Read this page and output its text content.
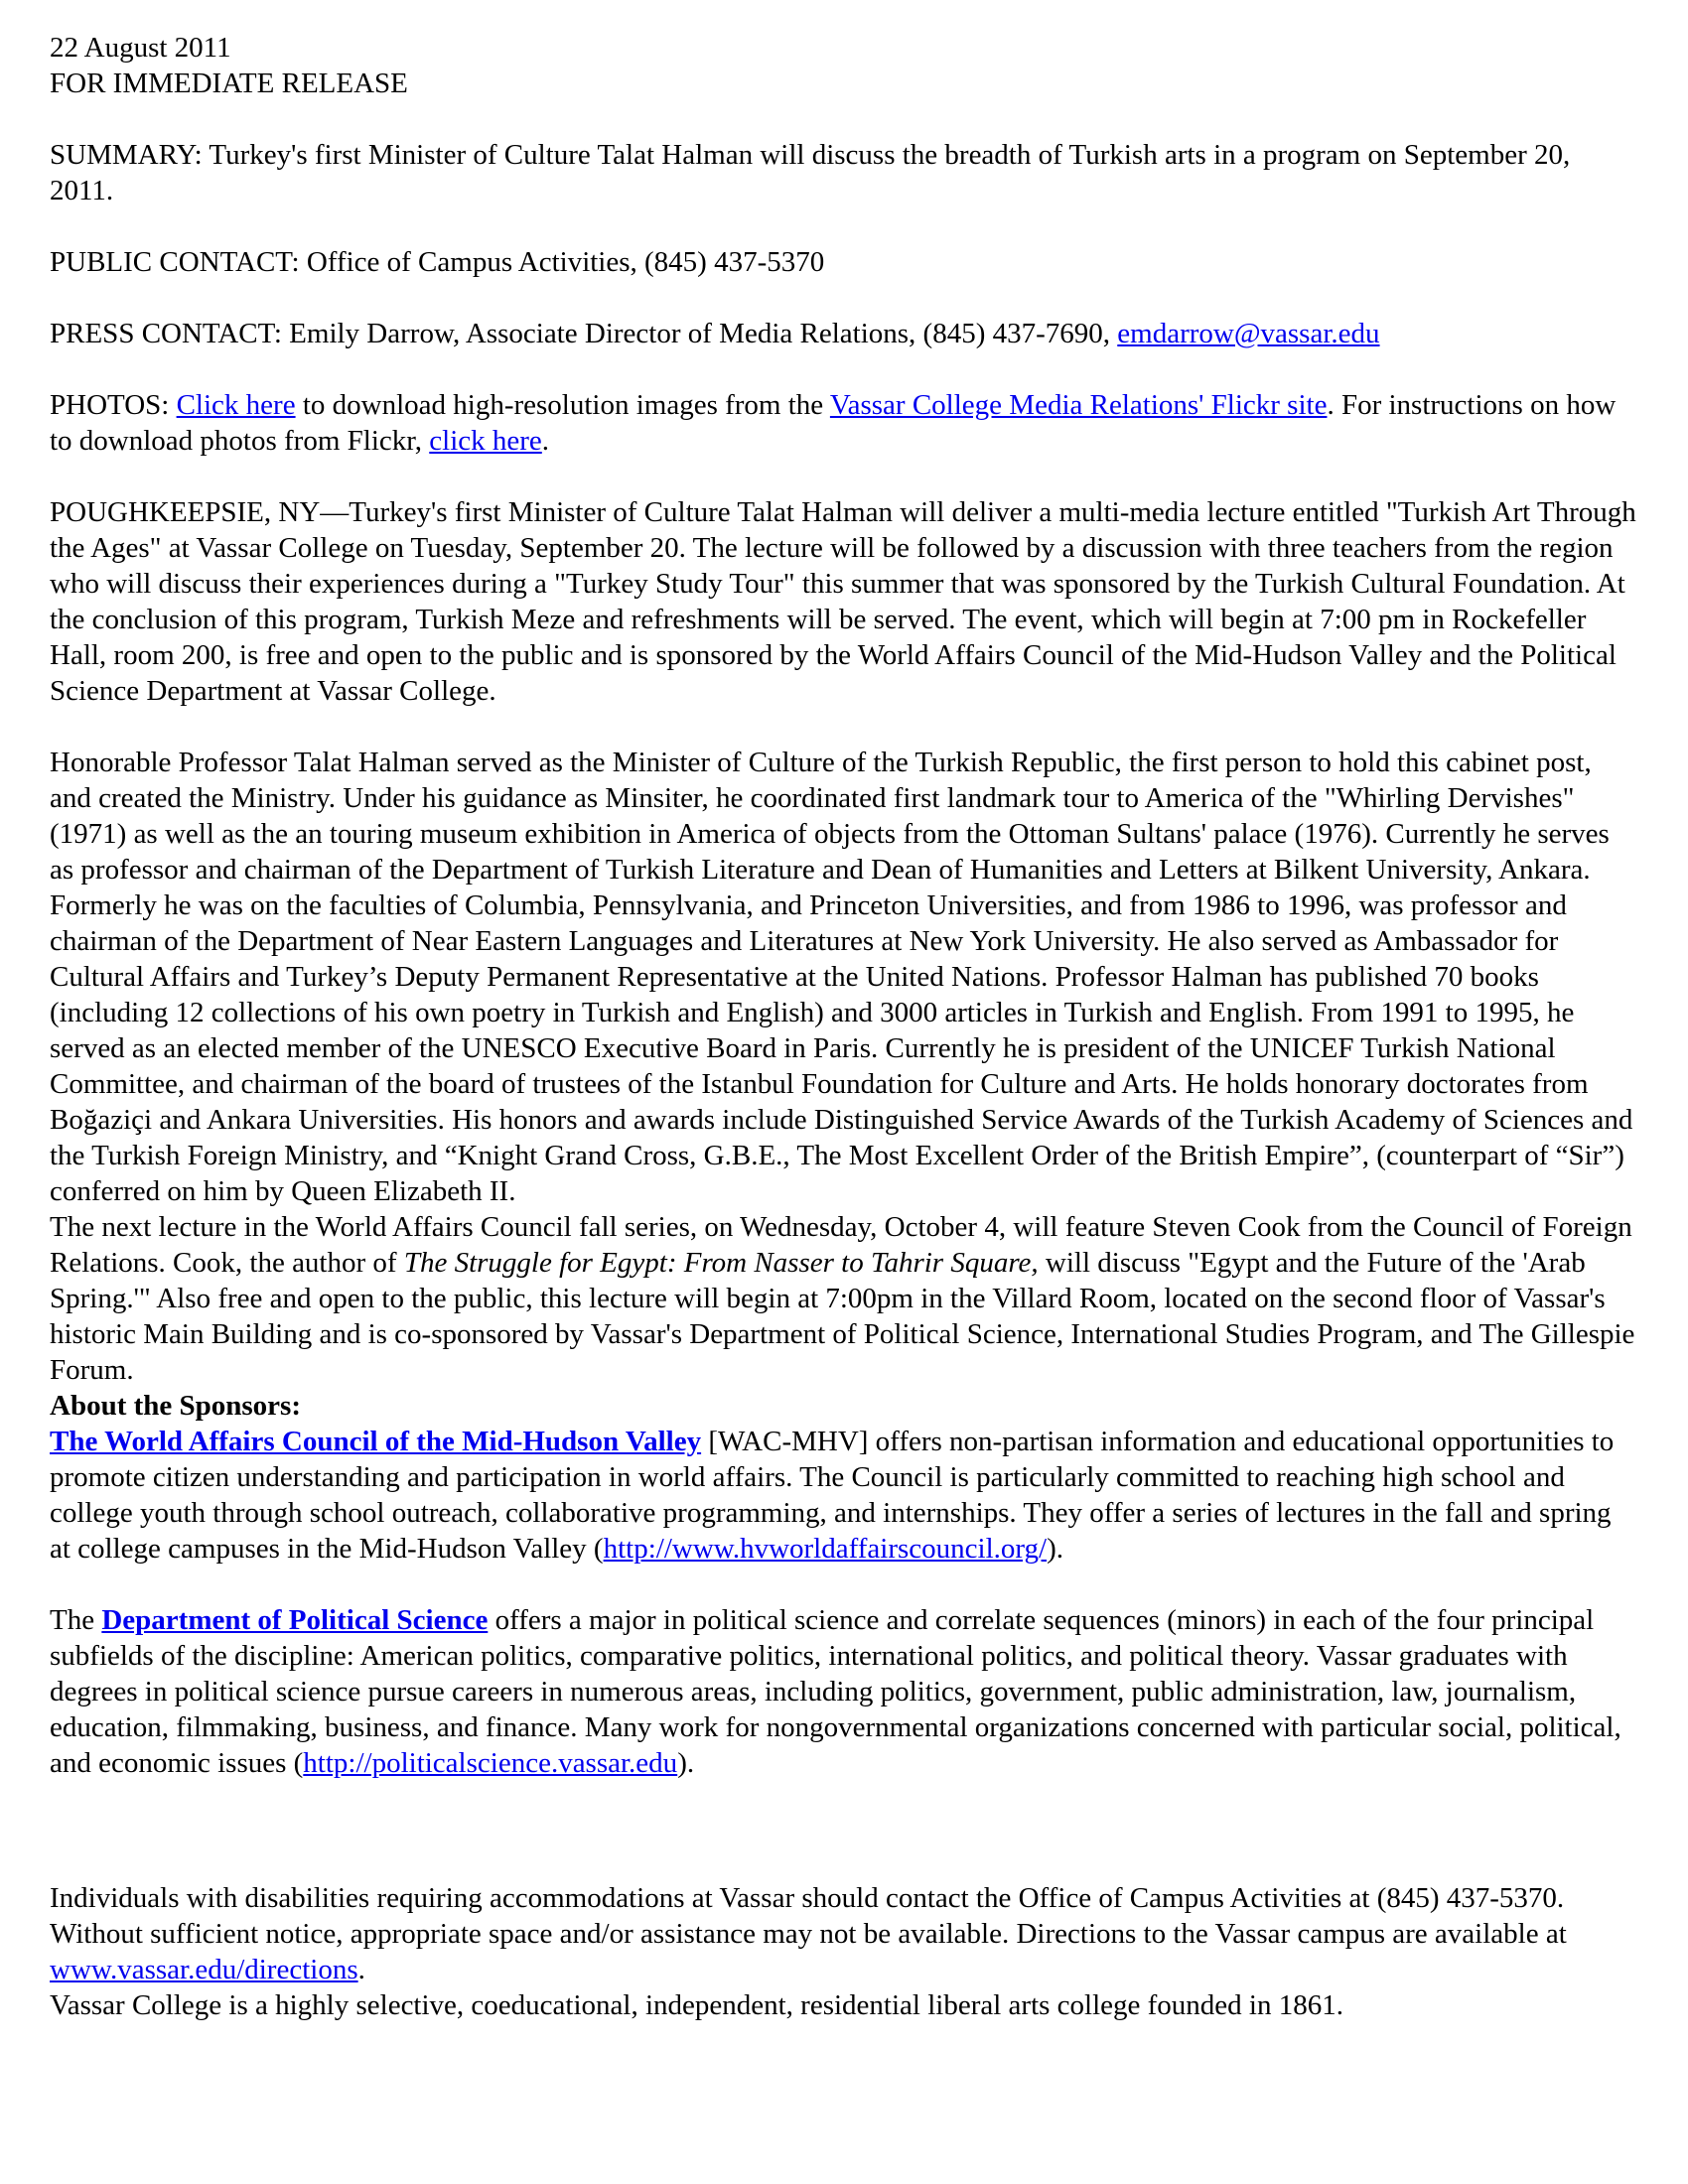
22 August 2011
FOR IMMEDIATE RELEASE
SUMMARY: Turkey's first Minister of Culture Talat Halman will discuss the breadth of Turkish arts in a program on September 20, 2011.
PUBLIC CONTACT: Office of Campus Activities, (845) 437-5370
PRESS CONTACT: Emily Darrow, Associate Director of Media Relations, (845) 437-7690, emdarrow@vassar.edu
PHOTOS: Click here to download high-resolution images from the Vassar College Media Relations' Flickr site. For instructions on how to download photos from Flickr, click here.
POUGHKEEPSIE, NY—Turkey's first Minister of Culture Talat Halman will deliver a multi-media lecture entitled "Turkish Art Through the Ages" at Vassar College on Tuesday, September 20. The lecture will be followed by a discussion with three teachers from the region who will discuss their experiences during a "Turkey Study Tour" this summer that was sponsored by the Turkish Cultural Foundation. At the conclusion of this program, Turkish Meze and refreshments will be served. The event, which will begin at 7:00 pm in Rockefeller Hall, room 200, is free and open to the public and is sponsored by the World Affairs Council of the Mid-Hudson Valley and the Political Science Department at Vassar College.
Honorable Professor Talat Halman served as the Minister of Culture of the Turkish Republic, the first person to hold this cabinet post, and created the Ministry. Under his guidance as Minsiter, he coordinated first landmark tour to America of the "Whirling Dervishes" (1971) as well as the an touring museum exhibition in America of objects from the Ottoman Sultans' palace (1976). Currently he serves as professor and chairman of the Department of Turkish Literature and Dean of Humanities and Letters at Bilkent University, Ankara. Formerly he was on the faculties of Columbia, Pennsylvania, and Princeton Universities, and from 1986 to 1996, was professor and chairman of the Department of Near Eastern Languages and Literatures at New York University. He also served as Ambassador for Cultural Affairs and Turkey’s Deputy Permanent Representative at the United Nations. Professor Halman has published 70 books (including 12 collections of his own poetry in Turkish and English) and 3000 articles in Turkish and English. From 1991 to 1995, he served as an elected member of the UNESCO Executive Board in Paris. Currently he is president of the UNICEF Turkish National Committee, and chairman of the board of trustees of the Istanbul Foundation for Culture and Arts. He holds honorary doctorates from Boğaziçi and Ankara Universities. His honors and awards include Distinguished Service Awards of the Turkish Academy of Sciences and the Turkish Foreign Ministry, and “Knight Grand Cross, G.B.E., The Most Excellent Order of the British Empire”, (counterpart of “Sir”) conferred on him by Queen Elizabeth II.
The next lecture in the World Affairs Council fall series, on Wednesday, October 4, will feature Steven Cook from the Council of Foreign Relations. Cook, the author of The Struggle for Egypt: From Nasser to Tahrir Square, will discuss "Egypt and the Future of the 'Arab Spring.'" Also free and open to the public, this lecture will begin at 7:00pm in the Villard Room, located on the second floor of Vassar's historic Main Building and is co-sponsored by Vassar's Department of Political Science, International Studies Program, and The Gillespie Forum.
About the Sponsors:
The World Affairs Council of the Mid-Hudson Valley [WAC-MHV] offers non-partisan information and educational opportunities to promote citizen understanding and participation in world affairs. The Council is particularly committed to reaching high school and college youth through school outreach, collaborative programming, and internships. They offer a series of lectures in the fall and spring at college campuses in the Mid-Hudson Valley (http://www.hvworldaffairscouncil.org/).
The Department of Political Science offers a major in political science and correlate sequences (minors) in each of the four principal subfields of the discipline: American politics, comparative politics, international politics, and political theory. Vassar graduates with degrees in political science pursue careers in numerous areas, including politics, government, public administration, law, journalism, education, filmmaking, business, and finance. Many work for nongovernmental organizations concerned with particular social, political, and economic issues (http://politicalscience.vassar.edu).
Individuals with disabilities requiring accommodations at Vassar should contact the Office of Campus Activities at (845) 437-5370. Without sufficient notice, appropriate space and/or assistance may not be available. Directions to the Vassar campus are available at www.vassar.edu/directions.
Vassar College is a highly selective, coeducational, independent, residential liberal arts college founded in 1861.
